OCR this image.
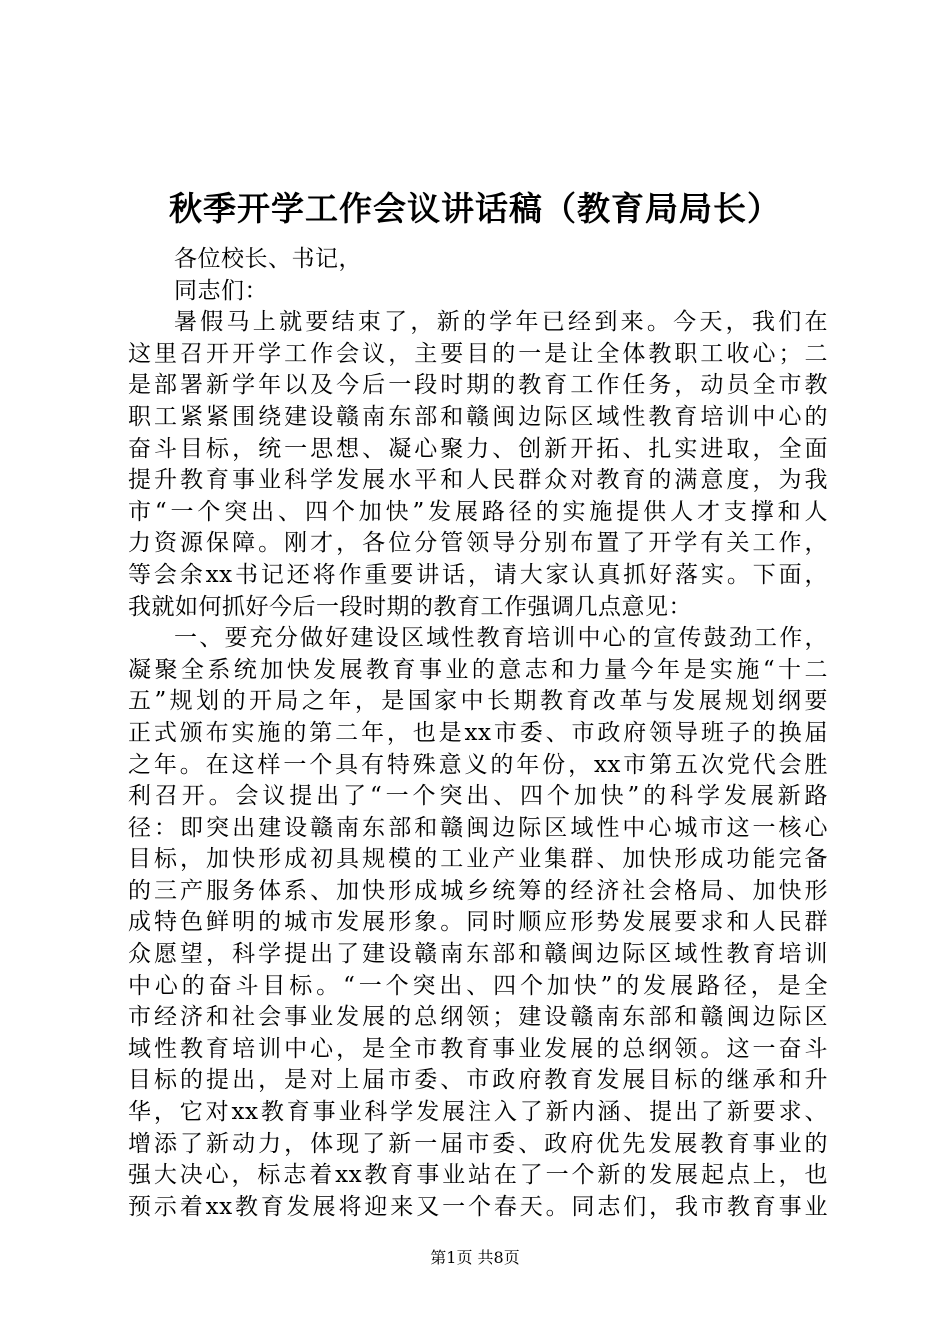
秋季开学工作会议讲话稿（教育局局长）
各位校长、书记，
同志们：
暑假马上就要结束了，新的学年已经到来。今天，我们在
这里召开开学工作会议，主要目的一是让全体教职工收心；二
是部署新学年以及今后一段时期的教育工作任务，动员全市教
职工紧紧围绕建设赣南东部和赣闽边际区域性教育培训中心的
奋斗目标，统一思想、凝心聚力、创新开拓、扎实进取，全面
提升教育事业科学发展水平和人民群众对教育的满意度，为我
市“一个突出、四个加快”发展路径的实施提供人才支撑和人
力资源保障。刚才，各位分管领导分别布置了开学有关工作，
等会余xx书记还将作重要讲话，请大家认真抓好落实。下面，
我就如何抓好今后一段时期的教育工作强调几点意见：
一、要充分做好建设区域性教育培训中心的宣传鼓劲工作，
凝聚全系统加快发展教育事业的意志和力量今年是实施“十二
五”规划的开局之年，是国家中长期教育改革与发展规划纲要
正式颁布实施的第二年，也是xx市委、市政府领导班子的换届
之年。在这样一个具有特殊意义的年份，xx市第五次党代会胜
利召开。会议提出了“一个突出、四个加快”的科学发展新路
径：即突出建设赣南东部和赣闽边际区域性中心城市这一核心
目标，加快形成初具规模的工业产业集群、加快形成功能完备
的三产服务体系、加快形成城乡统筹的经济社会格局、加快形
成特色鲜明的城市发展形象。同时顺应形势发展要求和人民群
众愿望，科学提出了建设赣南东部和赣闽边际区域性教育培训
中心的奋斗目标。“一个突出、四个加快”的发展路径，是全
市经济和社会事业发展的总纲领；建设赣南东部和赣闽边际区
域性教育培训中心，是全市教育事业发展的总纲领。这一奋斗
目标的提出，是对上届市委、市政府教育发展目标的继承和升
华，它对xx教育事业科学发展注入了新内涵、提出了新要求、
增添了新动力，体现了新一届市委、政府优先发展教育事业的
强大决心，标志着xx教育事业站在了一个新的发展起点上，也
预示着xx教育发展将迎来又一个春天。同志们，我市教育事业
第1页 共8页
